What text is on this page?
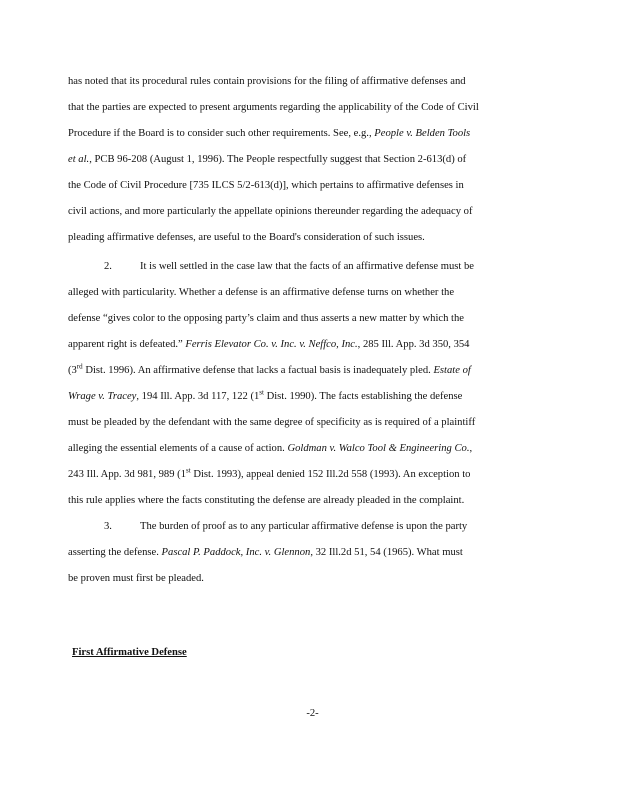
has noted that its procedural rules contain provisions for the filing of affirmative defenses and
that the parties are expected to present arguments regarding the applicability of the Code of Civil
Procedure if the Board is to consider such other requirements. See, e.g., People v. Belden Tools
et al., PCB 96-208 (August 1, 1996). The People respectfully suggest that Section 2-613(d) of
the Code of Civil Procedure [735 ILCS 5/2-613(d)], which pertains to affirmative defenses in
civil actions, and more particularly the appellate opinions thereunder regarding the adequacy of
pleading affirmative defenses, are useful to the Board's consideration of such issues.
2.	It is well settled in the case law that the facts of an affirmative defense must be
alleged with particularity. Whether a defense is an affirmative defense turns on whether the
defense “gives color to the opposing party’s claim and thus asserts a new matter by which the
apparent right is defeated.” Ferris Elevator Co. v. Inc. v. Neffco, Inc., 285 Ill. App. 3d 350, 354
(3rd Dist. 1996). An affirmative defense that lacks a factual basis is inadequately pled. Estate of
Wrage v. Tracey, 194 Ill. App. 3d 117, 122 (1st Dist. 1990). The facts establishing the defense
must be pleaded by the defendant with the same degree of specificity as is required of a plaintiff
alleging the essential elements of a cause of action. Goldman v. Walco Tool & Engineering Co.,
243 Ill. App. 3d 981, 989 (1st Dist. 1993), appeal denied 152 Ill.2d 558 (1993). An exception to
this rule applies where the facts constituting the defense are already pleaded in the complaint.
3.	The burden of proof as to any particular affirmative defense is upon the party
asserting the defense. Pascal P. Paddock, Inc. v. Glennon, 32 Ill.2d 51, 54 (1965). What must
be proven must first be pleaded.
First Affirmative Defense
-2-
